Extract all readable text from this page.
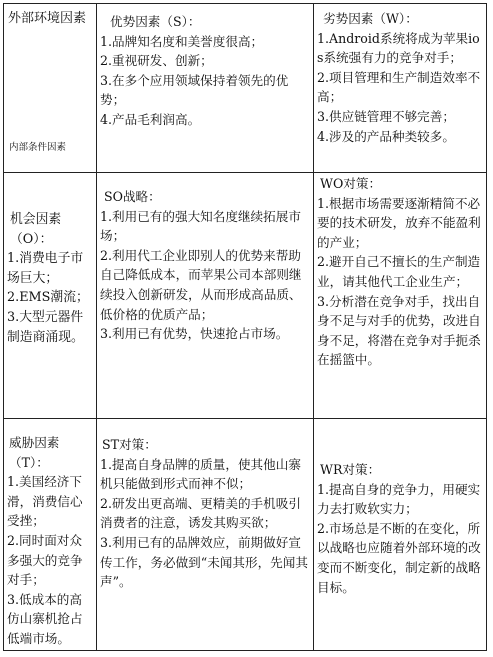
外部环境因素
内部条件因素
优势因素（S）：
1.品牌知名度和美誉度很高；
2.重视研发、创新；
3.在多个应用领域保持着领先的优势；
4.产品毛利润高。
劣势因素（W）：
1.Android系统将成为苹果ios系统强有力的竞争对手；
2.项目管理和生产制造效率不高；
3.供应链管理不够完善；
4.涉及的产品种类较多。
机会因素（O）：
1.消费电子市场巨大；
2.EMS潮流；
3.大型元器件制造商涌现。
SO战略：
1.利用已有的强大知名度继续拓展市场；
2.利用代工企业即别人的优势来帮助自己降低成本，而苹果公司本部则继续投入创新研发，从而形成高品质、低价格的优质产品；
3.利用已有优势，快速抢占市场。
WO对策：
1.根据市场需要逐渐精简不必要的技术研发，放弃不能盈利的产业；
2.避开自己不擅长的生产制造业，请其他代工企业生产；
3.分析潜在竞争对手，找出自身不足与对手的优势，改进自身不足，将潜在竞争对手扼杀在摇篮中。
威胁因素（T）：
1.美国经济下滑，消费信心受挫；
2.同时面对众多强大的竞争对手；
3.低成本的高仿山寨机抢占低端市场。
ST对策：
1.提高自身品牌的质量，使其他山寨机只能做到形式而神不似；
2.研发出更高端、更精美的手机吸引消费者的注意，诱发其购买欲；
3.利用已有的品牌效应，前期做好宣传工作，务必做到“未闻其形，先闻其声”。
WR对策：
1.提高自身的竞争力，用硬实力去打败软实力；
2.市场总是不断的在变化，所以战略也应随着外部环境的改变而不断变化，制定新的战略目标。
